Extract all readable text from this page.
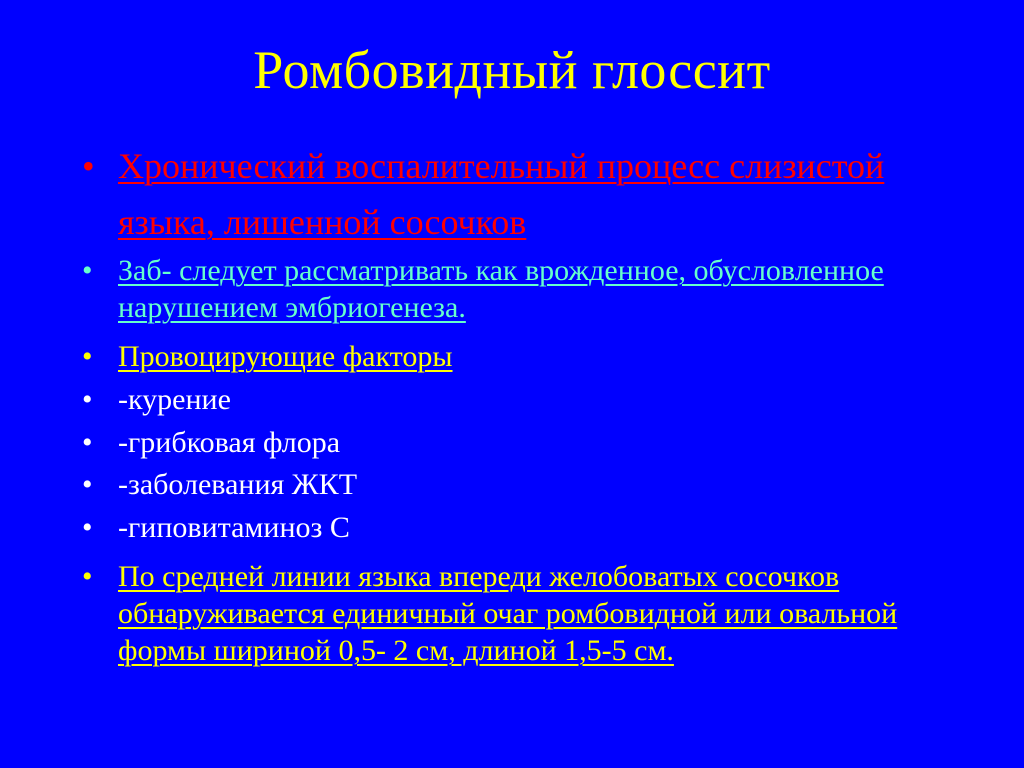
Ромбовидный глоссит
• Хронический воспалительный процесс слизистой языка, лишенной сосочков
• Заб- следует рассматривать как врожденное, обусловленное нарушением эмбриогенеза.
• Провоцирующие факторы
• -курение
• -грибковая флора
• -заболевания ЖКТ
• -гиповитаминоз С
• По средней линии языка впереди желобоватых сосочков обнаруживается единичный очаг ромбовидной или овальной формы шириной 0,5- 2 см, длиной 1,5-5 см.
